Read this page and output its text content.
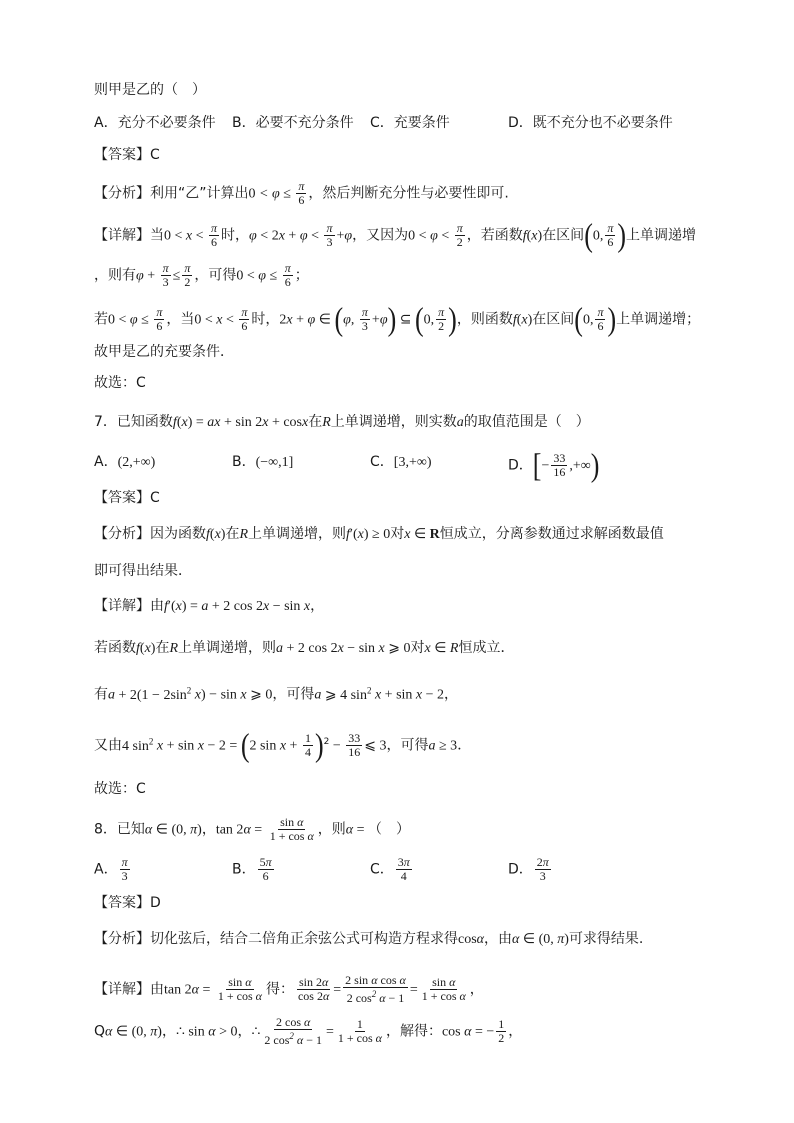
则甲是乙的（　）
A．充分不必要条件 B．必要不充分条件 C．充要条件	D．既不充分也不必要条件
【答案】C
【分析】利用“乙”计算出$0 < \varphi \le \frac{\pi}{6}$ ，然后判断充分性与必要性即可.
【详解】当$0 < x < \frac{\pi}{6}$ 时，$\varphi < 2x + \varphi < \frac{\pi}{3} +\varphi$，又因为$0 < \varphi < \frac{\pi}{2}$ ，若函数f(x)在区间(0, $\frac{\pi}{6}$ )上单调递增
，则有$\varphi + \frac{\pi}{3} \le \frac{\pi}{2}$ ，可得$0 < \varphi \le \frac{\pi}{6}$ ；
若$0 < \varphi \le \frac{\pi}{6}$ ，当$0 < x < \frac{\pi}{6}$ 时，2x + φ ∈ (φ, $\frac{\pi}{3} +\varphi$) ⊆ (0, $\frac{\pi}{2}$ )，则函数f(x)在区间(0, $\frac{\pi}{6}$ )上单调递增；
故甲是乙的充要条件．
故选：C
7．已知函数f(x) = ax + sin 2x + cosx在R上单调递增，则实数a的取值范围是（　）
A．(2,+∞)	B．(−∞,1]	C．[3,+∞)	D．[− $\frac{33}{16}$ ,+∞)
【答案】C
【分析】因为函数f(x)在R上单调递增，则f′(x) ≥ 0对x ∈ R恒成立，分离参数通过求解函数最值
即可得出结果．
【详解】由f′(x) = a + 2 cos 2x − sin x，
若函数f(x)在R上单调递增，则a + 2 cos 2x − sin x ⩾ 0对x ∈ R恒成立．
有$a + 2(1 - 2\sin^2$ x) − sin x ⩾ 0，可得a ⩾ 4 $\sin^2 x + \sin x - 2$，
又由4 $\sin^2 x + \sin x - 2 = (2$ $\sin x + \frac{1}{4} )^2 - \frac{33}{16}$ ⩽ 3，可得a ≥ 3．
故选：C
8．已知α ∈ (0, π)，$\tan 2\alpha = \frac{\text{sin α}}{\text{1 + cos α}}$ ，则α = （　）
A． $\frac{\pi}{3}$	B． $\frac{5\pi}{6}$	C． $\frac{3\pi}{4}$	D． $\frac{2\pi}{3}$
【答案】D
【分析】切化弦后，结合二倍角正余弦公式可构造方程求得cosα，由α ∈ (0, π)可求得结果.
【详解】由$\tan 2\alpha = \frac{\text{sin α}}{\text{1 + cos α}}$ 得： $\frac{\sin 2\alpha}{\cos 2\alpha} = \frac{\text{2 sin α cos α}}{2 \cos^2 \alpha - 1} = \frac{\text{sin α}}{\text{1 + cos α}}$ ，
Qα ∈ (0, π)，∴ sin α > 0，∴ $\frac{\text{2 cos α}}{2 \cos^2 \alpha - 1} = \frac{1}{\text{1 + cos α}}$ ，解得：cos α = − $\frac{1}{2}$ ，
